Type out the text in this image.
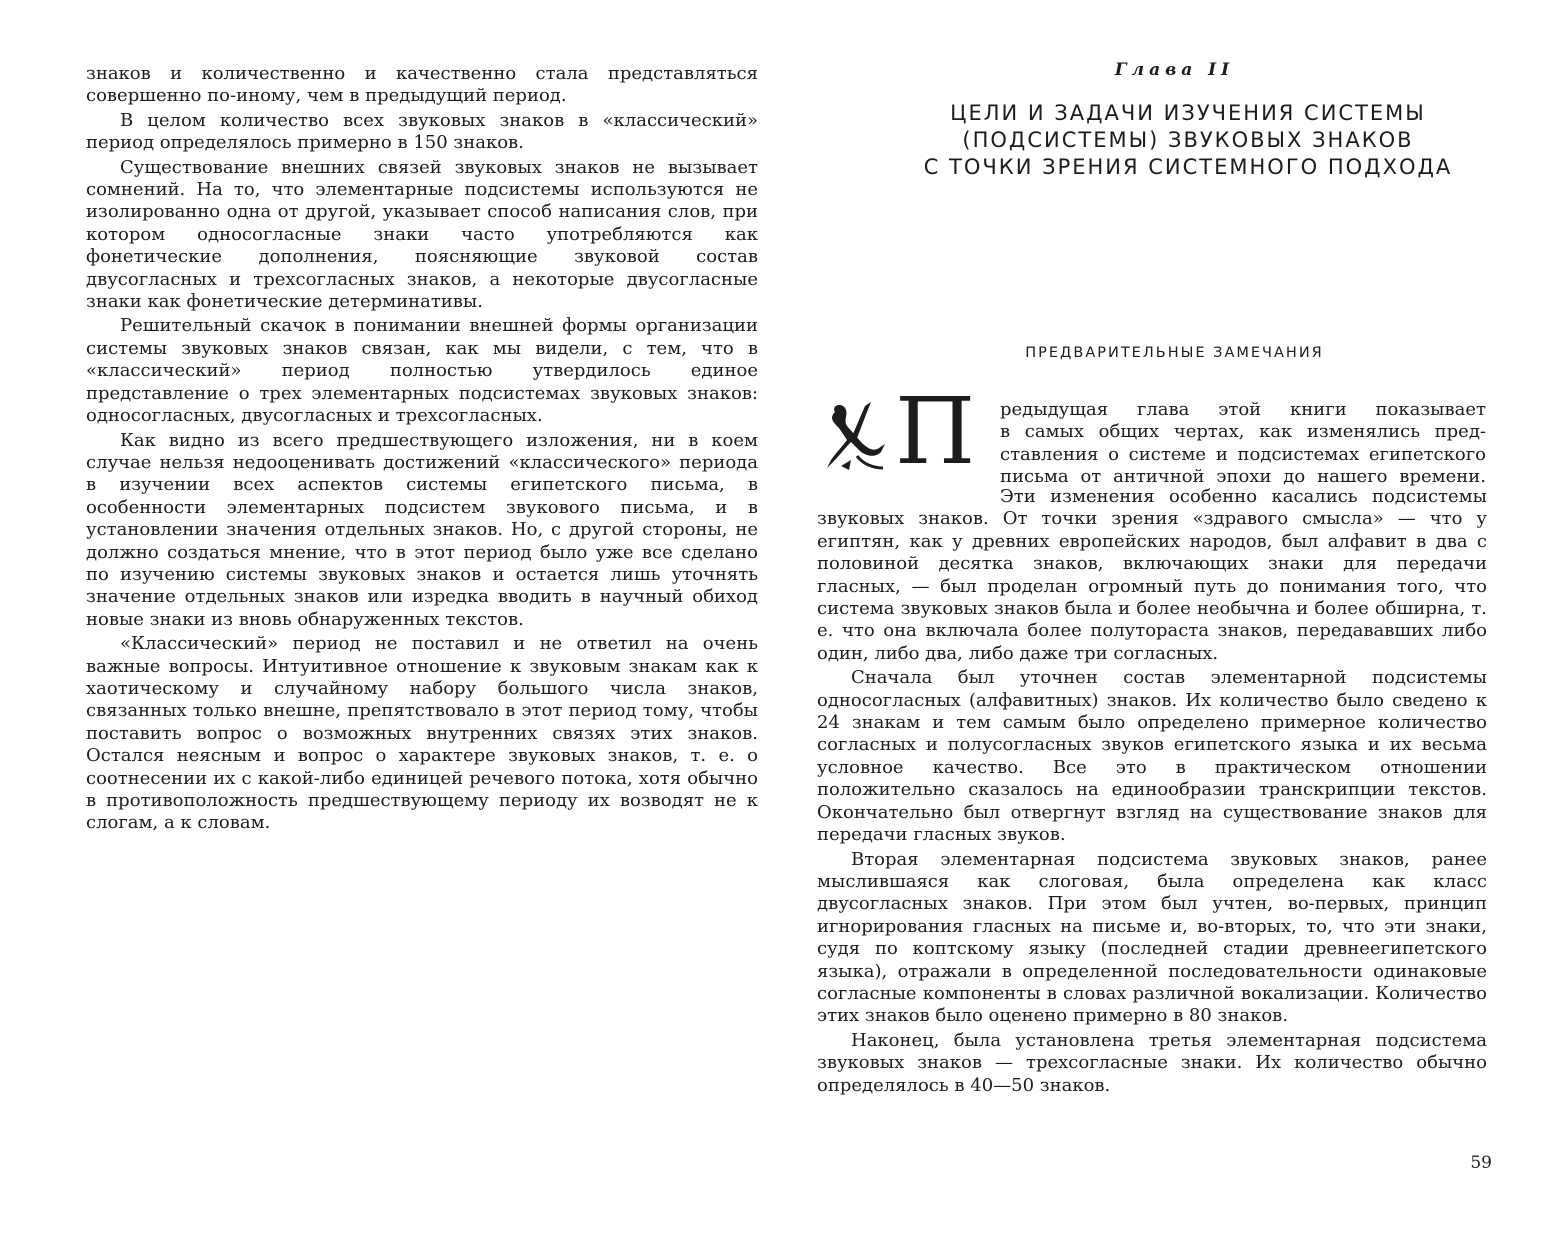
знаков и количественно и качественно стала представляться совершенно по-иному, чем в предыдущий период.

В целом количество всех звуковых знаков в «классический» период определялось примерно в 150 знаков.

Существование внешних связей звуковых знаков не вызывает сомнений. На то, что элементарные подсистемы используются не изолированно одна от другой, указывает способ написания слов, при котором односогласные знаки часто употребляются как фонетические дополнения, поясняющие звуковой состав двусогласных и трехсогласных знаков, а некоторые двусогласные знаки как фонетические детерминативы.

Решительный скачок в понимании внешней формы организации системы звуковых знаков связан, как мы видели, с тем, что в «классический» период полностью утвердилось единое представление о трех элементарных подсистемах звуковых знаков: односогласных, двусогласных и трехсогласных.

Как видно из всего предшествующего изложения, ни в коем случае нельзя недооценивать достижений «классического» периода в изучении всех аспектов системы египетского письма, в особенности элементарных подсистем звукового письма, и в установлении значения отдельных знаков. Но, с другой стороны, не должно создаться мнение, что в этот период было уже все сделано по изучению системы звуковых знаков и остается лишь уточнять значение отдельных знаков или изредка вводить в научный обиход новые знаки из вновь обнаруженных текстов.

«Классический» период не поставил и не ответил на очень важные вопросы. Интуитивное отношение к звуковым знакам как к хаотическому и случайному набору большого числа знаков, связанных только внешне, препятствовало в этот период тому, чтобы поставить вопрос о возможных внутренних связях этих знаков. Остался неясным и вопрос о характере звуковых знаков, т. е. о соотнесении их с какой-либо единицей речевого потока, хотя обычно в противоположность предшествующему периоду их возводят не к слогам, а к словам.

Глава II
ЦЕЛИ И ЗАДАЧИ ИЗУЧЕНИЯ СИСТЕМЫ
(ПОДСИСТЕМЫ) ЗВУКОВЫХ ЗНАКОВ
С ТОЧКИ ЗРЕНИЯ СИСТЕМНОГО ПОДХОДА
ПРЕДВАРИТЕЛЬНЫЕ ЗАМЕЧАНИЯ
П редыдущая глава этой книги показывает
в самых общих чертах, как изменялись пред-
ставления о системе и подсистемах египетского
письма от античной эпохи до нашего времени.

Эти изменения особенно касались подсистемы звуковых знаков. От точки зрения «здравого смысла» — что у египтян, как у древних европейских народов, был алфавит в два с половиной десятка знаков, включающих знаки для передачи гласных, — был проделан огромный путь до понимания того, что система звуковых знаков была и более необычна и более обширна, т. е. что она включала более полутораста знаков, передававших либо один, либо два, либо даже три согласных.

Сначала был уточнен состав элементарной подсистемы односогласных (алфавитных) знаков. Их количество было сведено к 24 знакам и тем самым было определено примерное количество согласных и полусогласных звуков египетского языка и их весьма условное качество. Все это в практическом отношении положительно сказалось на единообразии транскрипции текстов. Окончательно был отвергнут взгляд на существование знаков для передачи гласных звуков.

Вторая элементарная подсистема звуковых знаков, ранее мыслившаяся как слоговая, была определена как класс двусогласных знаков. При этом был учтен, во-первых, принцип игнорирования гласных на письме и, во-вторых, то, что эти знаки, судя по коптскому языку (последней стадии древнеегипетского языка), отражали в определенной последовательности одинаковые согласные компоненты в словах различной вокализации. Количество этих знаков было оценено примерно в 80 знаков.

Наконец, была установлена третья элементарная подсистема звуковых знаков — трехсогласные знаки. Их количество обычно определялось в 40—50 знаков.

59
